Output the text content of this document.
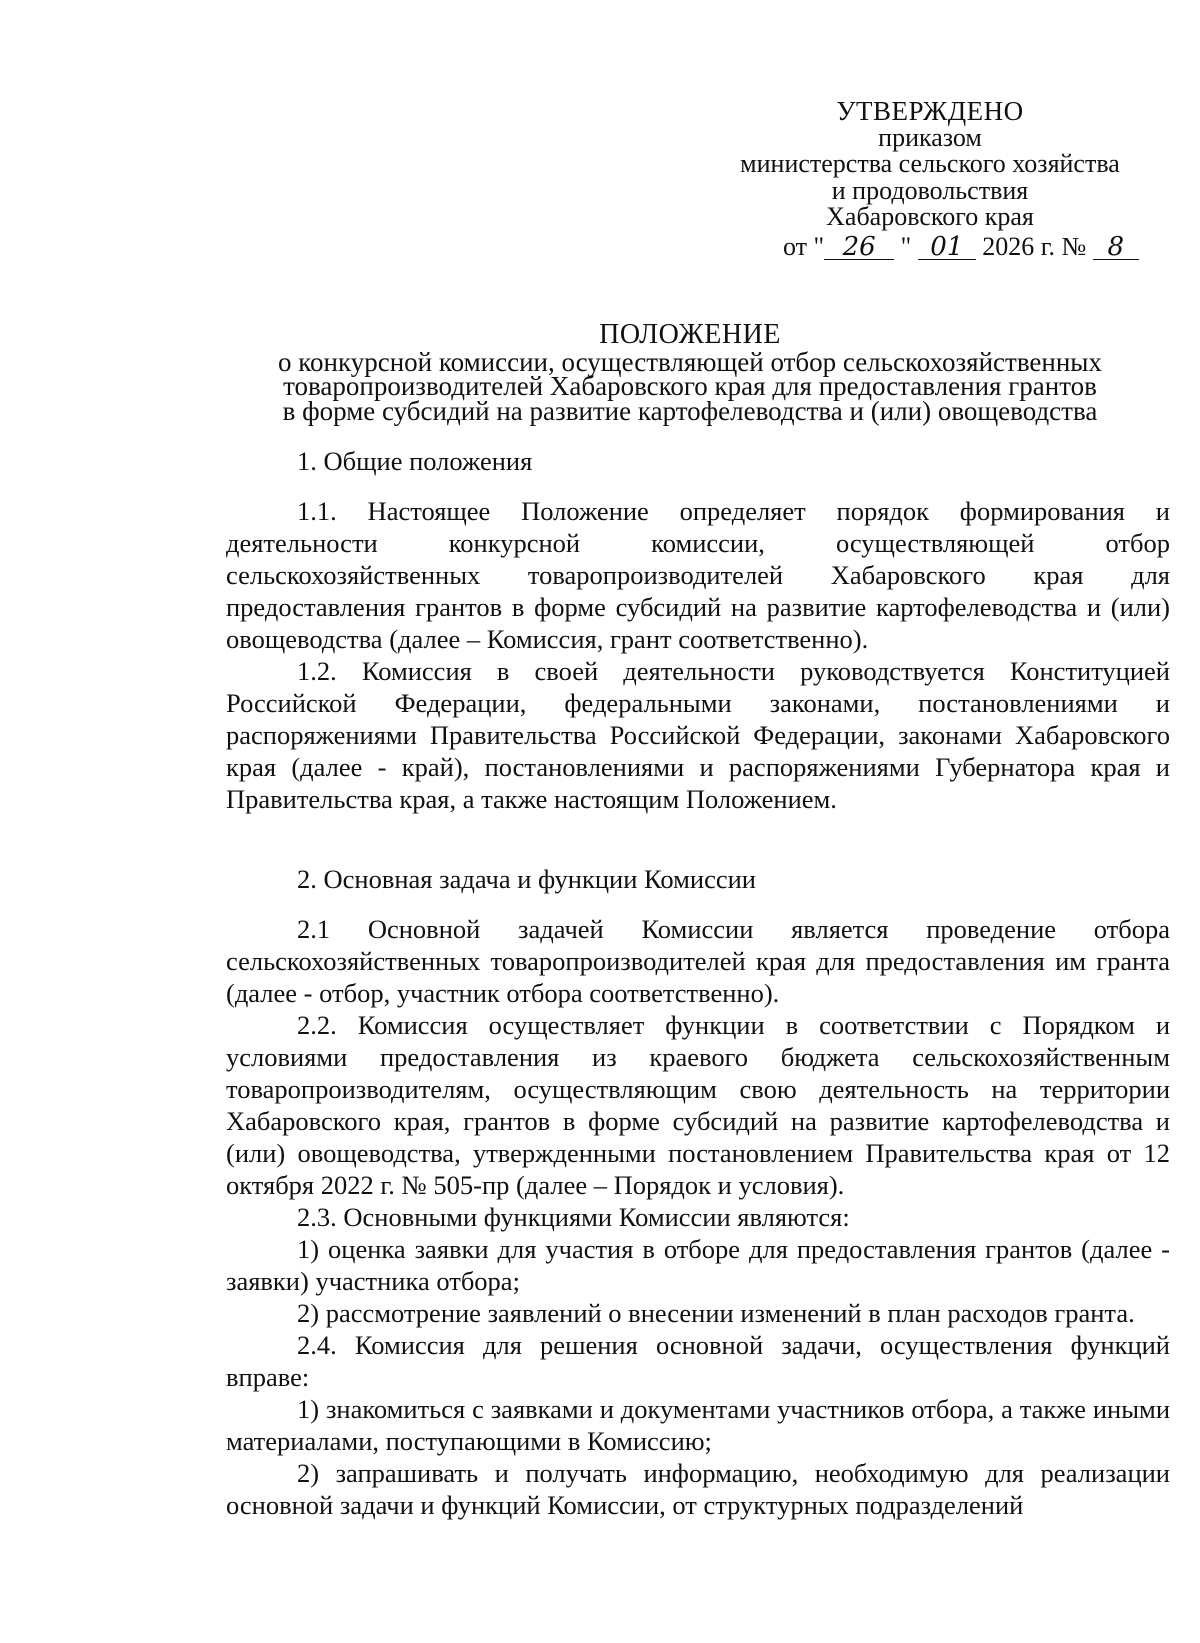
УТВЕРЖДЕНО
приказом
министерства сельского хозяйства
и продовольствия
Хабаровского края
от " 26 " 01 2026 г. № 8
ПОЛОЖЕНИЕ
о конкурсной комиссии, осуществляющей отбор сельскохозяйственных
товаропроизводителей Хабаровского края для предоставления грантов
в форме субсидий на развитие картофелеводства и (или) овощеводства

1. Общие положения

1.1. Настоящее Положение определяет порядок формирования и деятельности конкурсной комиссии, осуществляющей отбор сельскохозяйственных товаропроизводителей Хабаровского края для предоставления грантов в форме субсидий на развитие картофелеводства и (или) овощеводства (далее – Комиссия, грант соответственно).

1.2. Комиссия в своей деятельности руководствуется Конституцией Российской Федерации, федеральными законами, постановлениями и распоряжениями Правительства Российской Федерации, законами Хабаровского края (далее - край), постановлениями и распоряжениями Губернатора края и Правительства края, а также настоящим Положением.

2. Основная задача и функции Комиссии

2.1 Основной задачей Комиссии является проведение отбора сельскохозяйственных товаропроизводителей края для предоставления им гранта (далее - отбор, участник отбора соответственно).

2.2. Комиссия осуществляет функции в соответствии с Порядком и условиями предоставления из краевого бюджета сельскохозяйственным товаропроизводителям, осуществляющим свою деятельность на территории Хабаровского края, грантов в форме субсидий на развитие картофелеводства и (или) овощеводства, утвержденными постановлением Правительства края от 12 октября 2022 г. № 505-пр (далее – Порядок и условия).

2.3. Основными функциями Комиссии являются:

1) оценка заявки для участия в отборе для предоставления грантов (далее - заявки) участника отбора;

2) рассмотрение заявлений о внесении изменений в план расходов гранта.

2.4. Комиссия для решения основной задачи, осуществления функций вправе:

1) знакомиться с заявками и документами участников отбора, а также иными материалами, поступающими в Комиссию;

2) запрашивать и получать информацию, необходимую для реализации основной задачи и функций Комиссии, от структурных подразделений
